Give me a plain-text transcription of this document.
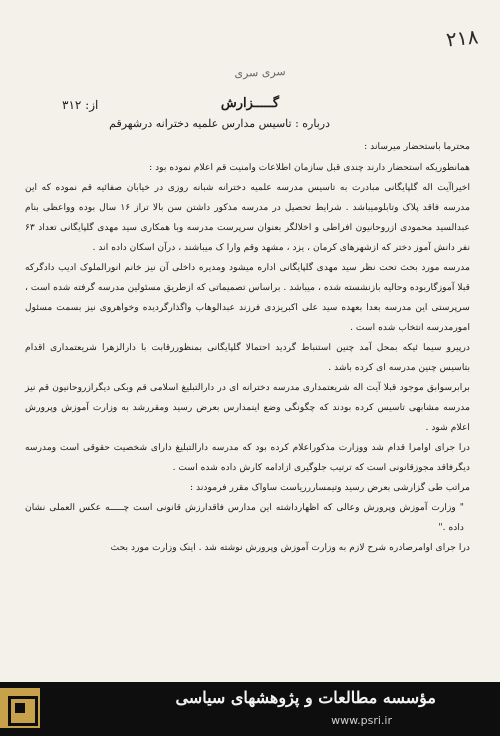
۲۱۸
سری سری
گـــــزارش
از: ۳۱۲
درباره : تاسیس مدارس علمیه دخترانه درشهرقم

محترما باستحضار میرساند :

همانطوریکه استحضار دارند چندی قبل سازمان اطلاعات وامنیت قم اعلام نموده بود :

اخیراآیت اله گلپایگانی مبادرت به تاسیس مدرسه علمیه دخترانه شبانه روزی در خیابان صفائیه قم نموده که این مدرسه فاقد پلاک وتابلومیباشد . شرایط تحصیل در مدرسه مذکور داشتن سن بالا تراز ۱۶ سال بوده وواعظی بنام عبدالسید محمودی ازروحانیون افراطی و اخلالگر بعنوان سرپرست مدرسه وبا همکاری سید مهدی گلپایگانی تعداد ۶۳ نفر دانش آموز دختر که ازشهرهای کرمان ، یزد ، مشهد وقم وارا ک میباشند ، درآن اسکان داده اند .

مدرسه مورد بحث تحت نظر سید مهدی گلپایگانی اداره میشود ومدیره داخلی آن نیز خانم انورالملوک ادیب دادگرکه قبلا آموزگاربوده وحالیه بازنشسته شده ، میباشد . براساس تصمیماتی که ازطریق مسئولین مدرسه گرفته شده است ، سرپرستی این مدرسه بعدا بعهده سید علی اکبریزدی فرزند عبدالوهاب واگذارگردیده وخواهروی نیز بسمت مسئول امورمدرسه انتخاب شده است .

درپیرو سیما ئیکه بمحل آمد چنین استنباط گردید احتمالا گلپایگانی بمنظوررقابت با دارالزهرا شریعتمداری اقدام بتاسیس چنین مدرسه ای کرده باشد .

برابرسوابق موجود قبلا آیت اله شریعتمداری مدرسه دخترانه ای در دارالتبلیغ اسلامی قم وبکی دیگرازروحانیون قم نیز مدرسه مشابهی تاسیس کرده بودند که چگونگی وضع اینمدارس بعرض رسید ومقررشد به وزارت آموزش وپرورش اعلام شود .

درا جرای اوامرا قدام شد ووزارت مذکوراعلام کرده بود که مدرسه دارالتبلیغ دارای شخصیت حقوقی است ومدرسه دیگرفاقد مجوزقانونی است که ترتیب جلوگیری ازادامه کارش داده شده است .

مراتب طی گزارشی بعرض رسید وتیمساررریاست ساواک مقرر فرمودند :

" وزارت آموزش وپرورش وعالی که اظهارداشته این مدارس فاقدارزش قانونی است چـــــه عکس العملی نشان داده ."

درا جرای اوامرصادره شرح لازم به وزارت آموزش وپرورش نوشته شد . اینک وزارت مورد بحث

مؤسسه مطالعات و پژوهشهای سیاسی
www.psri.ir
